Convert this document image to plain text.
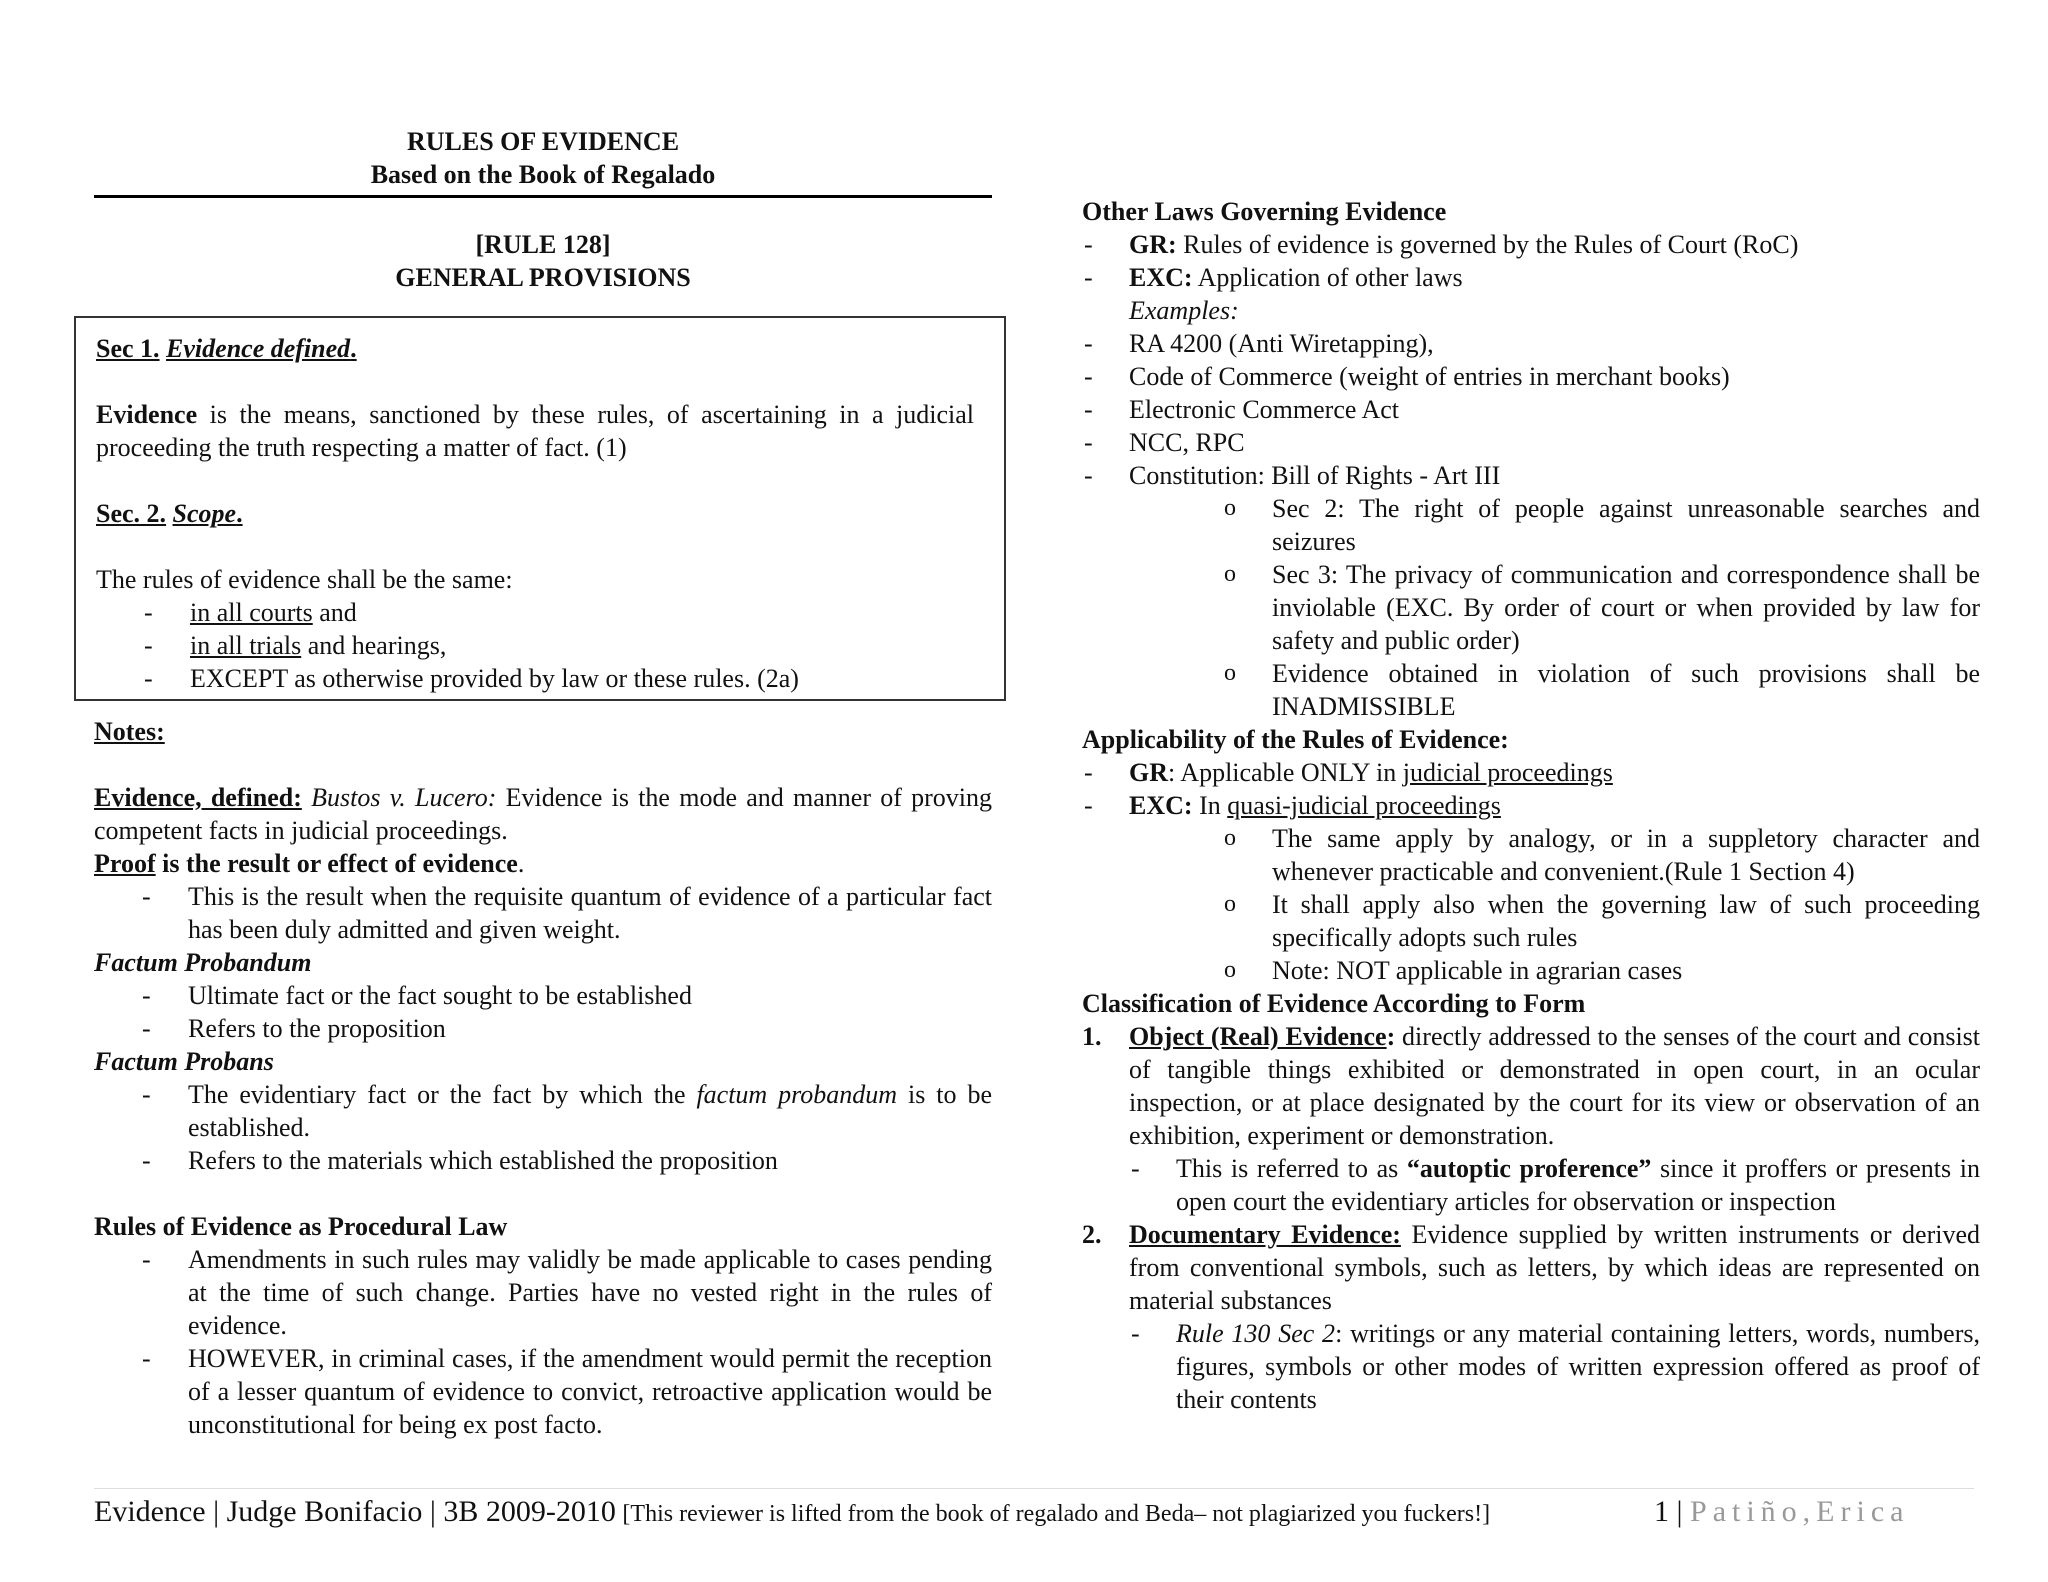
RULES OF EVIDENCE
Based on the Book of Regalado
[RULE 128]
GENERAL PROVISIONS
Sec 1. Evidence defined.
Evidence is the means, sanctioned by these rules, of ascertaining in a judicial proceeding the truth respecting a matter of fact. (1)
Sec. 2. Scope.
The rules of evidence shall be the same:
- in all courts and
- in all trials and hearings,
- EXCEPT as otherwise provided by law or these rules. (2a)
Notes:
Evidence, defined: Bustos v. Lucero: Evidence is the mode and manner of proving competent facts in judicial proceedings.
Proof is the result or effect of evidence.
- This is the result when the requisite quantum of evidence of a particular fact has been duly admitted and given weight.
Factum Probandum
- Ultimate fact or the fact sought to be established
- Refers to the proposition
Factum Probans
- The evidentiary fact or the fact by which the factum probandum is to be established.
- Refers to the materials which established the proposition
Rules of Evidence as Procedural Law
- Amendments in such rules may validly be made applicable to cases pending at the time of such change. Parties have no vested right in the rules of evidence.
- HOWEVER, in criminal cases, if the amendment would permit the reception of a lesser quantum of evidence to convict, retroactive application would be unconstitutional for being ex post facto.
Other Laws Governing Evidence
- GR: Rules of evidence is governed by the Rules of Court (RoC)
- EXC: Application of other laws
Examples:
- RA 4200 (Anti Wiretapping),
- Code of Commerce (weight of entries in merchant books)
- Electronic Commerce Act
- NCC, RPC
- Constitution: Bill of Rights - Art III
o Sec 2: The right of people against unreasonable searches and seizures
o Sec 3: The privacy of communication and correspondence shall be inviolable (EXC. By order of court or when provided by law for safety and public order)
o Evidence obtained in violation of such provisions shall be INADMISSIBLE
Applicability of the Rules of Evidence:
- GR: Applicable ONLY in judicial proceedings
- EXC: In quasi-judicial proceedings
o The same apply by analogy, or in a suppletory character and whenever practicable and convenient.(Rule 1 Section 4)
o It shall apply also when the governing law of such proceeding specifically adopts such rules
o Note: NOT applicable in agrarian cases
Classification of Evidence According to Form
1. Object (Real) Evidence: directly addressed to the senses of the court and consist of tangible things exhibited or demonstrated in open court, in an ocular inspection, or at place designated by the court for its view or observation of an exhibition, experiment or demonstration.
- This is referred to as “autoptic proference” since it proffers or presents in open court the evidentiary articles for observation or inspection
2. Documentary Evidence: Evidence supplied by written instruments or derived from conventional symbols, such as letters, by which ideas are represented on material substances
- Rule 130 Sec 2: writings or any material containing letters, words, numbers, figures, symbols or other modes of written expression offered as proof of their contents
Evidence | Judge Bonifacio | 3B 2009-2010 [This reviewer is lifted from the book of regalado and Beda– not plagiarized you fuckers!]	1 | Patiño,Erica
